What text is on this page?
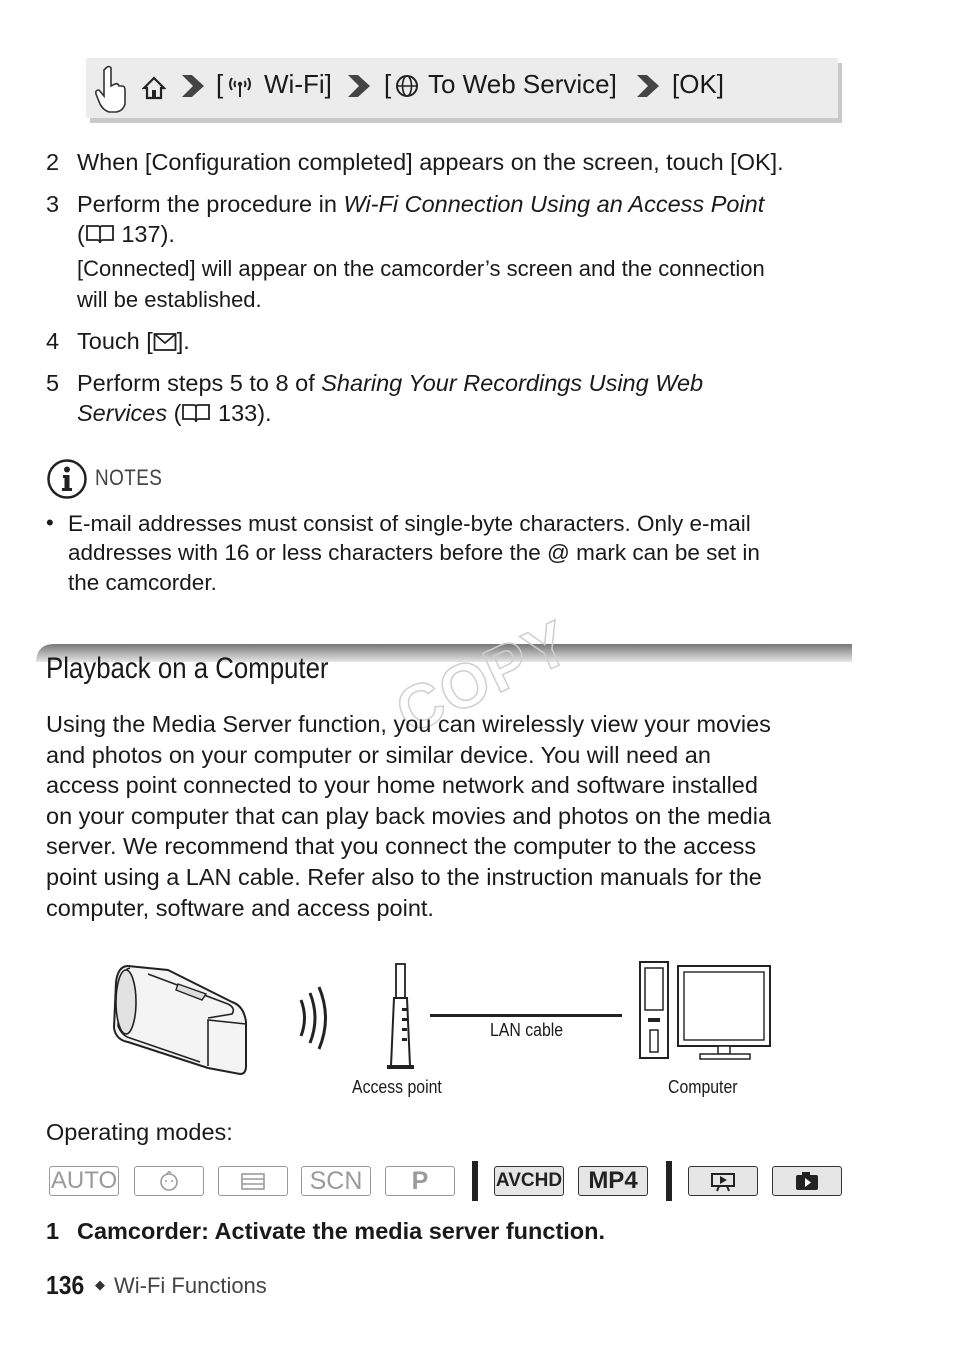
[ Wi-Fi] [ To Web Service] [OK]
2 When [Configuration completed] appears on the screen, touch [OK].
3 Perform the procedure in Wi-Fi Connection Using an Access Point
( 137).
[Connected] will appear on the camcorder’s screen and the connection
will be established.
4 Touch [ ].
5 Perform steps 5 to 8 of Sharing Your Recordings Using Web
Services ( 133).
NOTES
• E-mail addresses must consist of single-byte characters. Only e-mail
addresses with 16 or less characters before the @ mark can be set in
the camcorder.
Playback on a Computer COPY
Using the Media Server function, you can wirelessly view your movies
and photos on your computer or similar device. You will need an
access point connected to your home network and software installed
on your computer that can play back movies and photos on the media
server. We recommend that you connect the computer to the access
point using a LAN cable. Refer also to the instruction manuals for the
computer, software and access point.
LAN cable
Access point	Computer
Operating modes:
AUTO	SCN	P	AVCHD	MP4
1 Camcorder: Activate the media server function.
136 ◆ Wi-Fi Functions
